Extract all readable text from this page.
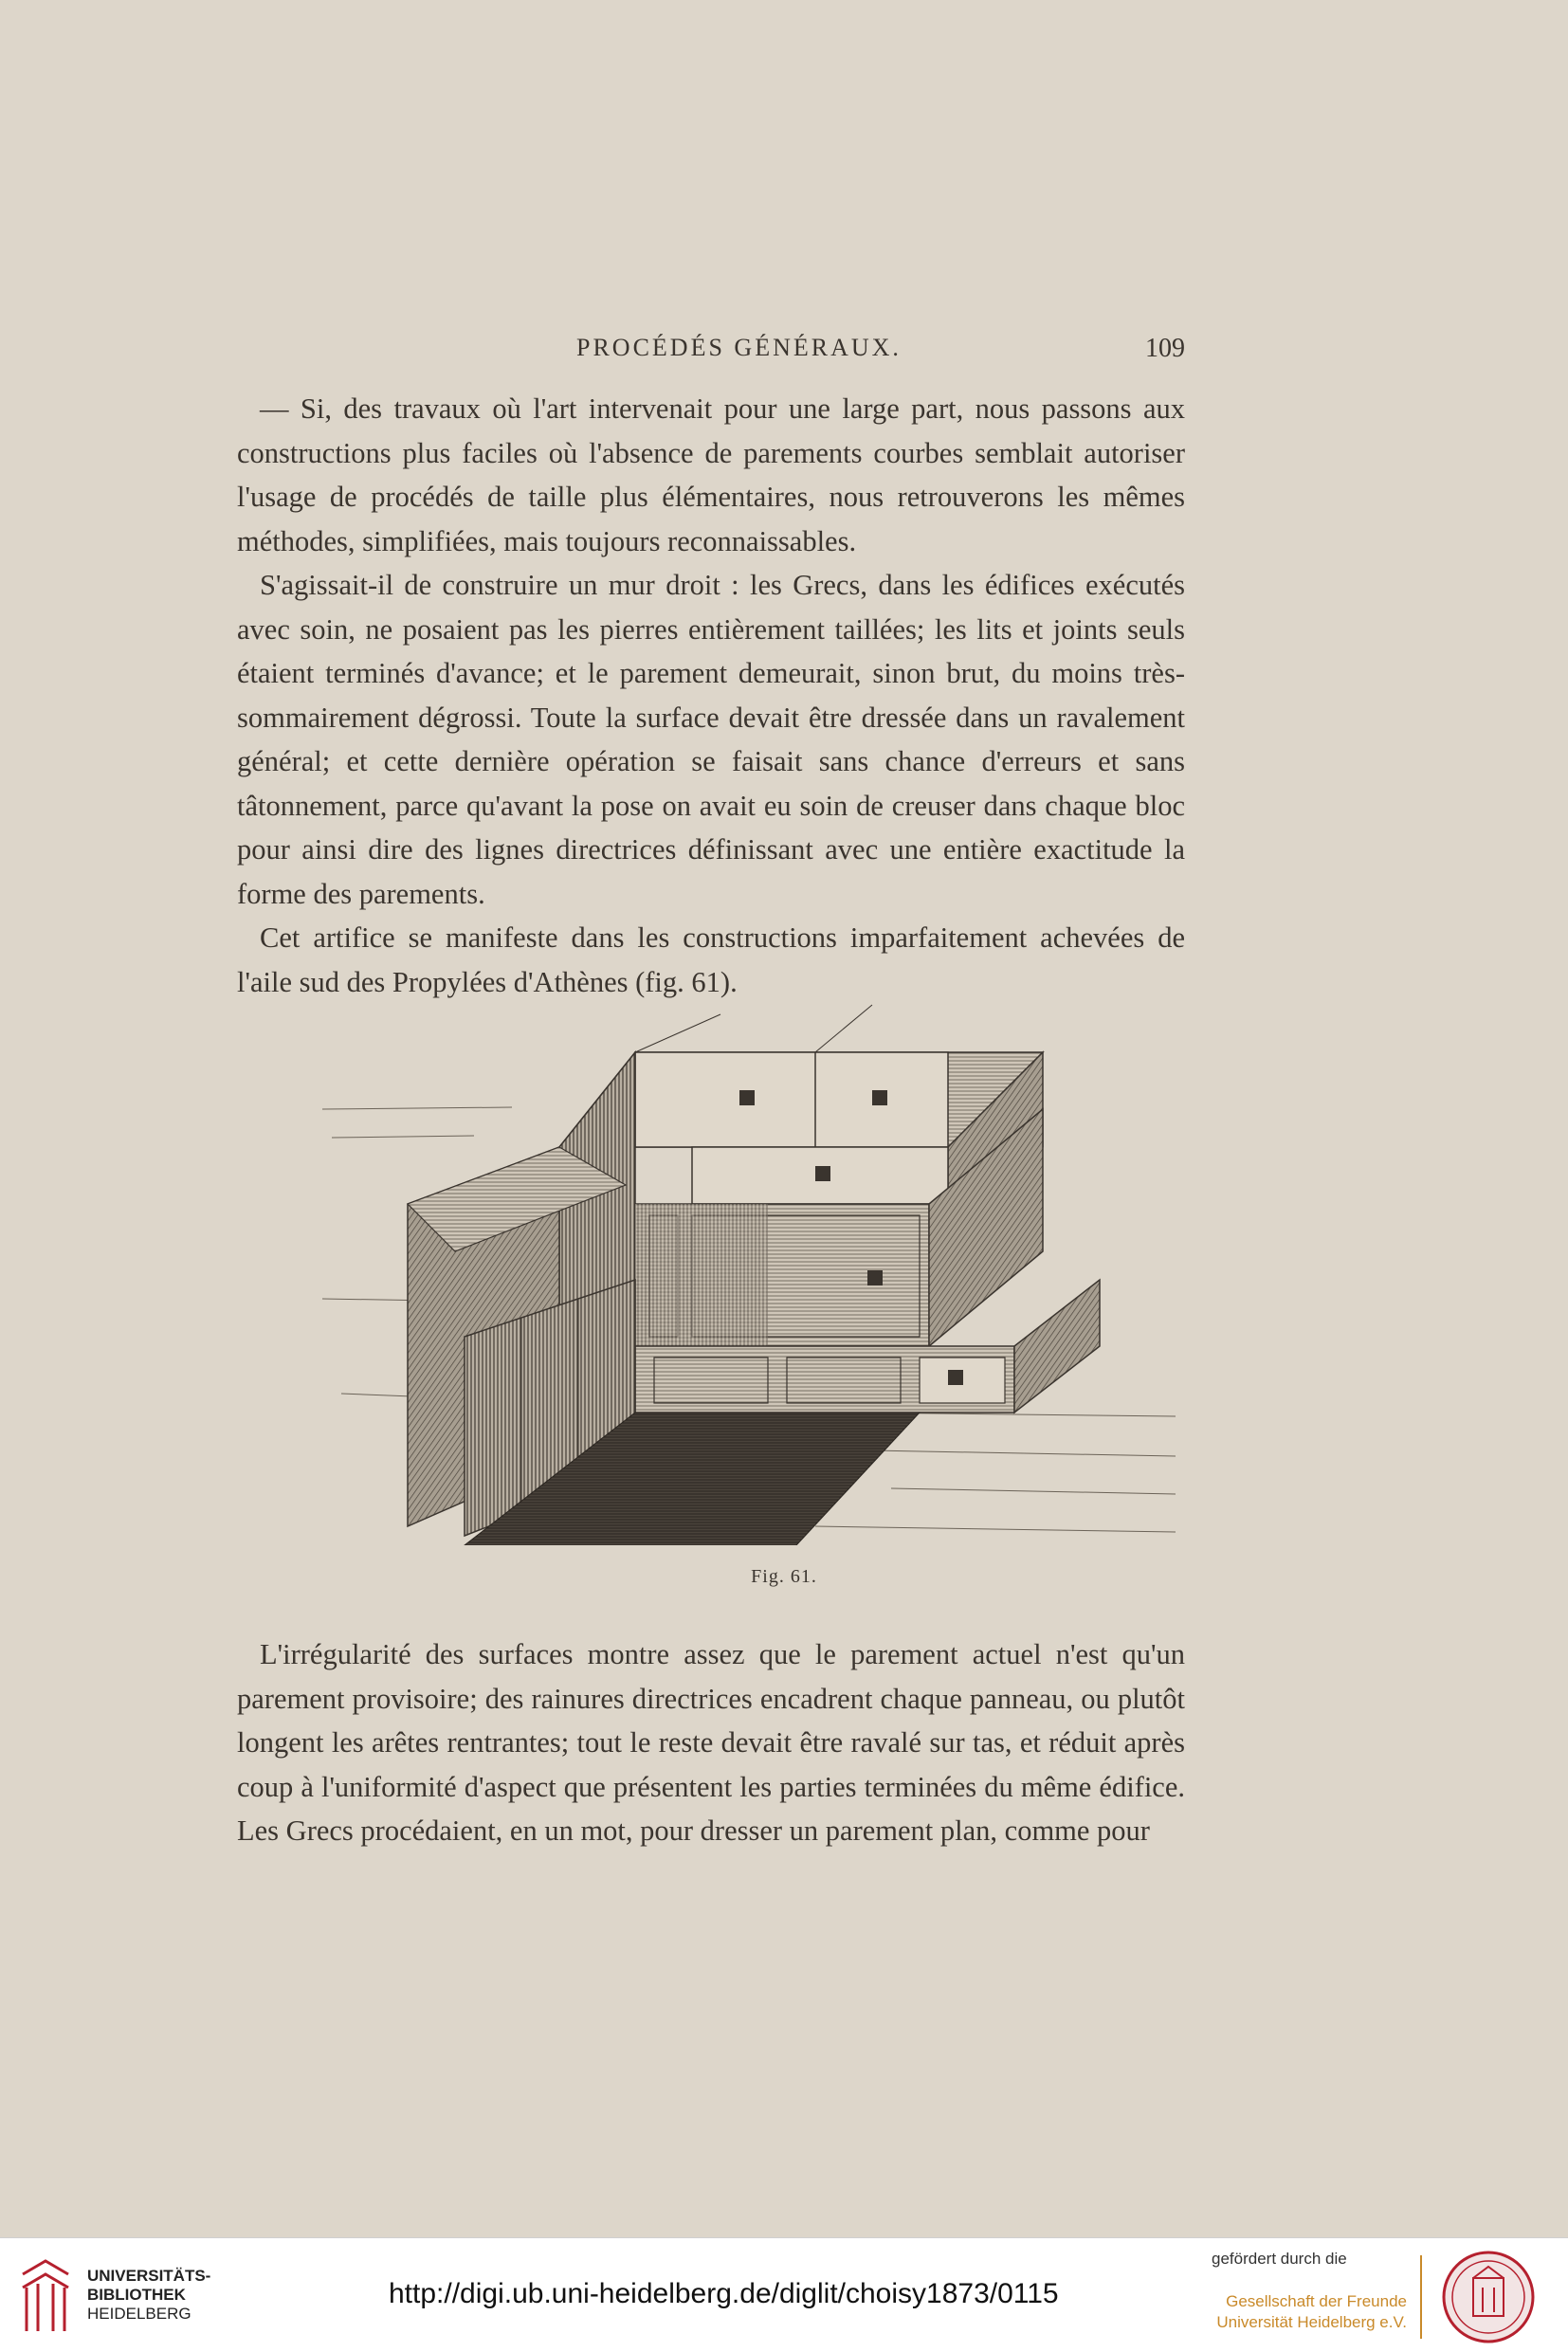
PROCÉDÉS GÉNÉRAUX.	109

— Si, des travaux où l'art intervenait pour une large part, nous passons aux constructions plus faciles où l'absence de parements courbes semblait autoriser l'usage de procédés de taille plus élémentaires, nous retrouverons les mêmes méthodes, simplifiées, mais toujours reconnaissables.

S'agissait-il de construire un mur droit : les Grecs, dans les édifices exécutés avec soin, ne posaient pas les pierres entièrement taillées; les lits et joints seuls étaient terminés d'avance; et le parement demeurait, sinon brut, du moins très-sommairement dégrossi. Toute la surface devait être dressée dans un ravalement général; et cette dernière opération se faisait sans chance d'erreurs et sans tâtonnement, parce qu'avant la pose on avait eu soin de creuser dans chaque bloc pour ainsi dire des lignes directrices définissant avec une entière exactitude la forme des parements.

Cet artifice se manifeste dans les constructions imparfaitement achevées de l'aile sud des Propylées d'Athènes (fig. 61).

Fig. 61.

L'irrégularité des surfaces montre assez que le parement actuel n'est qu'un parement provisoire; des rainures directrices encadrent chaque panneau, ou plutôt longent les arêtes rentrantes; tout le reste devait être ravalé sur tas, et réduit après coup à l'uniformité d'aspect que présentent les parties terminées du même édifice. Les Grecs procédaient, en un mot, pour dresser un parement plan, comme pour

UNIVERSITÄTS-
BIBLIOTHEK
HEIDELBERG
http://digi.ub.uni-heidelberg.de/diglit/choisy1873/0115
gefördert durch die
Gesellschaft der Freunde
Universität Heidelberg e.V.
